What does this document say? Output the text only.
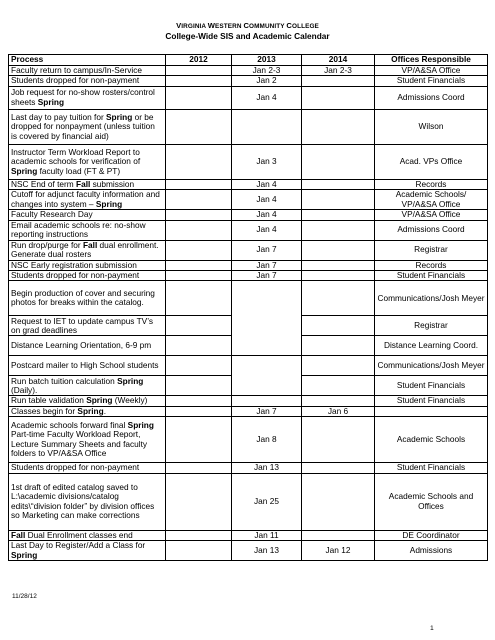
VIRGINIA WESTERN COMMUNITY COLLEGE
College-Wide SIS and Academic Calendar
Process	2012	2013	2014	Offices Responsible
Faculty return to campus/In-Service		Jan 2-3	Jan 2-3	VP/A&SA Office
Students dropped for non-payment		Jan 2		Student Financials
Job request for no-show rosters/control sheets Spring		Jan 4		Admissions Coord
Last day to pay tuition for Spring or be dropped for nonpayment (unless tuition is covered by financial aid)				Wilson
Instructor Term Workload Report to academic schools for verification of Spring faculty load (FT & PT)		Jan 3		Acad. VPs Office
NSC End of term Fall submission		Jan 4		Records
Cutoff for adjunct faculty information and changes into system – Spring		Jan 4		Academic Schools/ VP/A&SA Office
Faculty Research Day		Jan 4		VP/A&SA Office
Email academic schools re: no-show reporting instructions		Jan 4		Admissions Coord
Run drop/purge for Fall dual enrollment. Generate dual rosters		Jan 7		Registrar
NSC Early registration submission		Jan 7		Records
Students dropped for non-payment		Jan 7		Student Financials
Begin production of cover and securing photos for breaks within the catalog.				Communications/Josh Meyer
Request to IET to update campus TV’s on grad deadlines				Registrar
Distance Learning Orientation, 6-9 pm				Distance Learning Coord.
Postcard mailer to High School students				Communications/Josh Meyer
Run batch tuition calculation Spring (Daily).				Student Financials
Run table validation Spring (Weekly)				Student Financials
Classes begin for Spring.		Jan 7	Jan 6	
Academic schools forward final Spring Part-time Faculty Workload Report, Lecture Summary Sheets and faculty folders to VP/A&SA Office		Jan 8		Academic Schools
Students dropped for non-payment		Jan 13		Student Financials
1st draft of edited catalog saved to L:\academic divisions/catalog edits\“division folder” by division offices so Marketing can make corrections		Jan 25		Academic Schools and Offices
Fall Dual Enrollment classes end		Jan 11		DE Coordinator
Last Day to Register/Add a Class for Spring		Jan 13	Jan 12	Admissions
11/28/12
1
